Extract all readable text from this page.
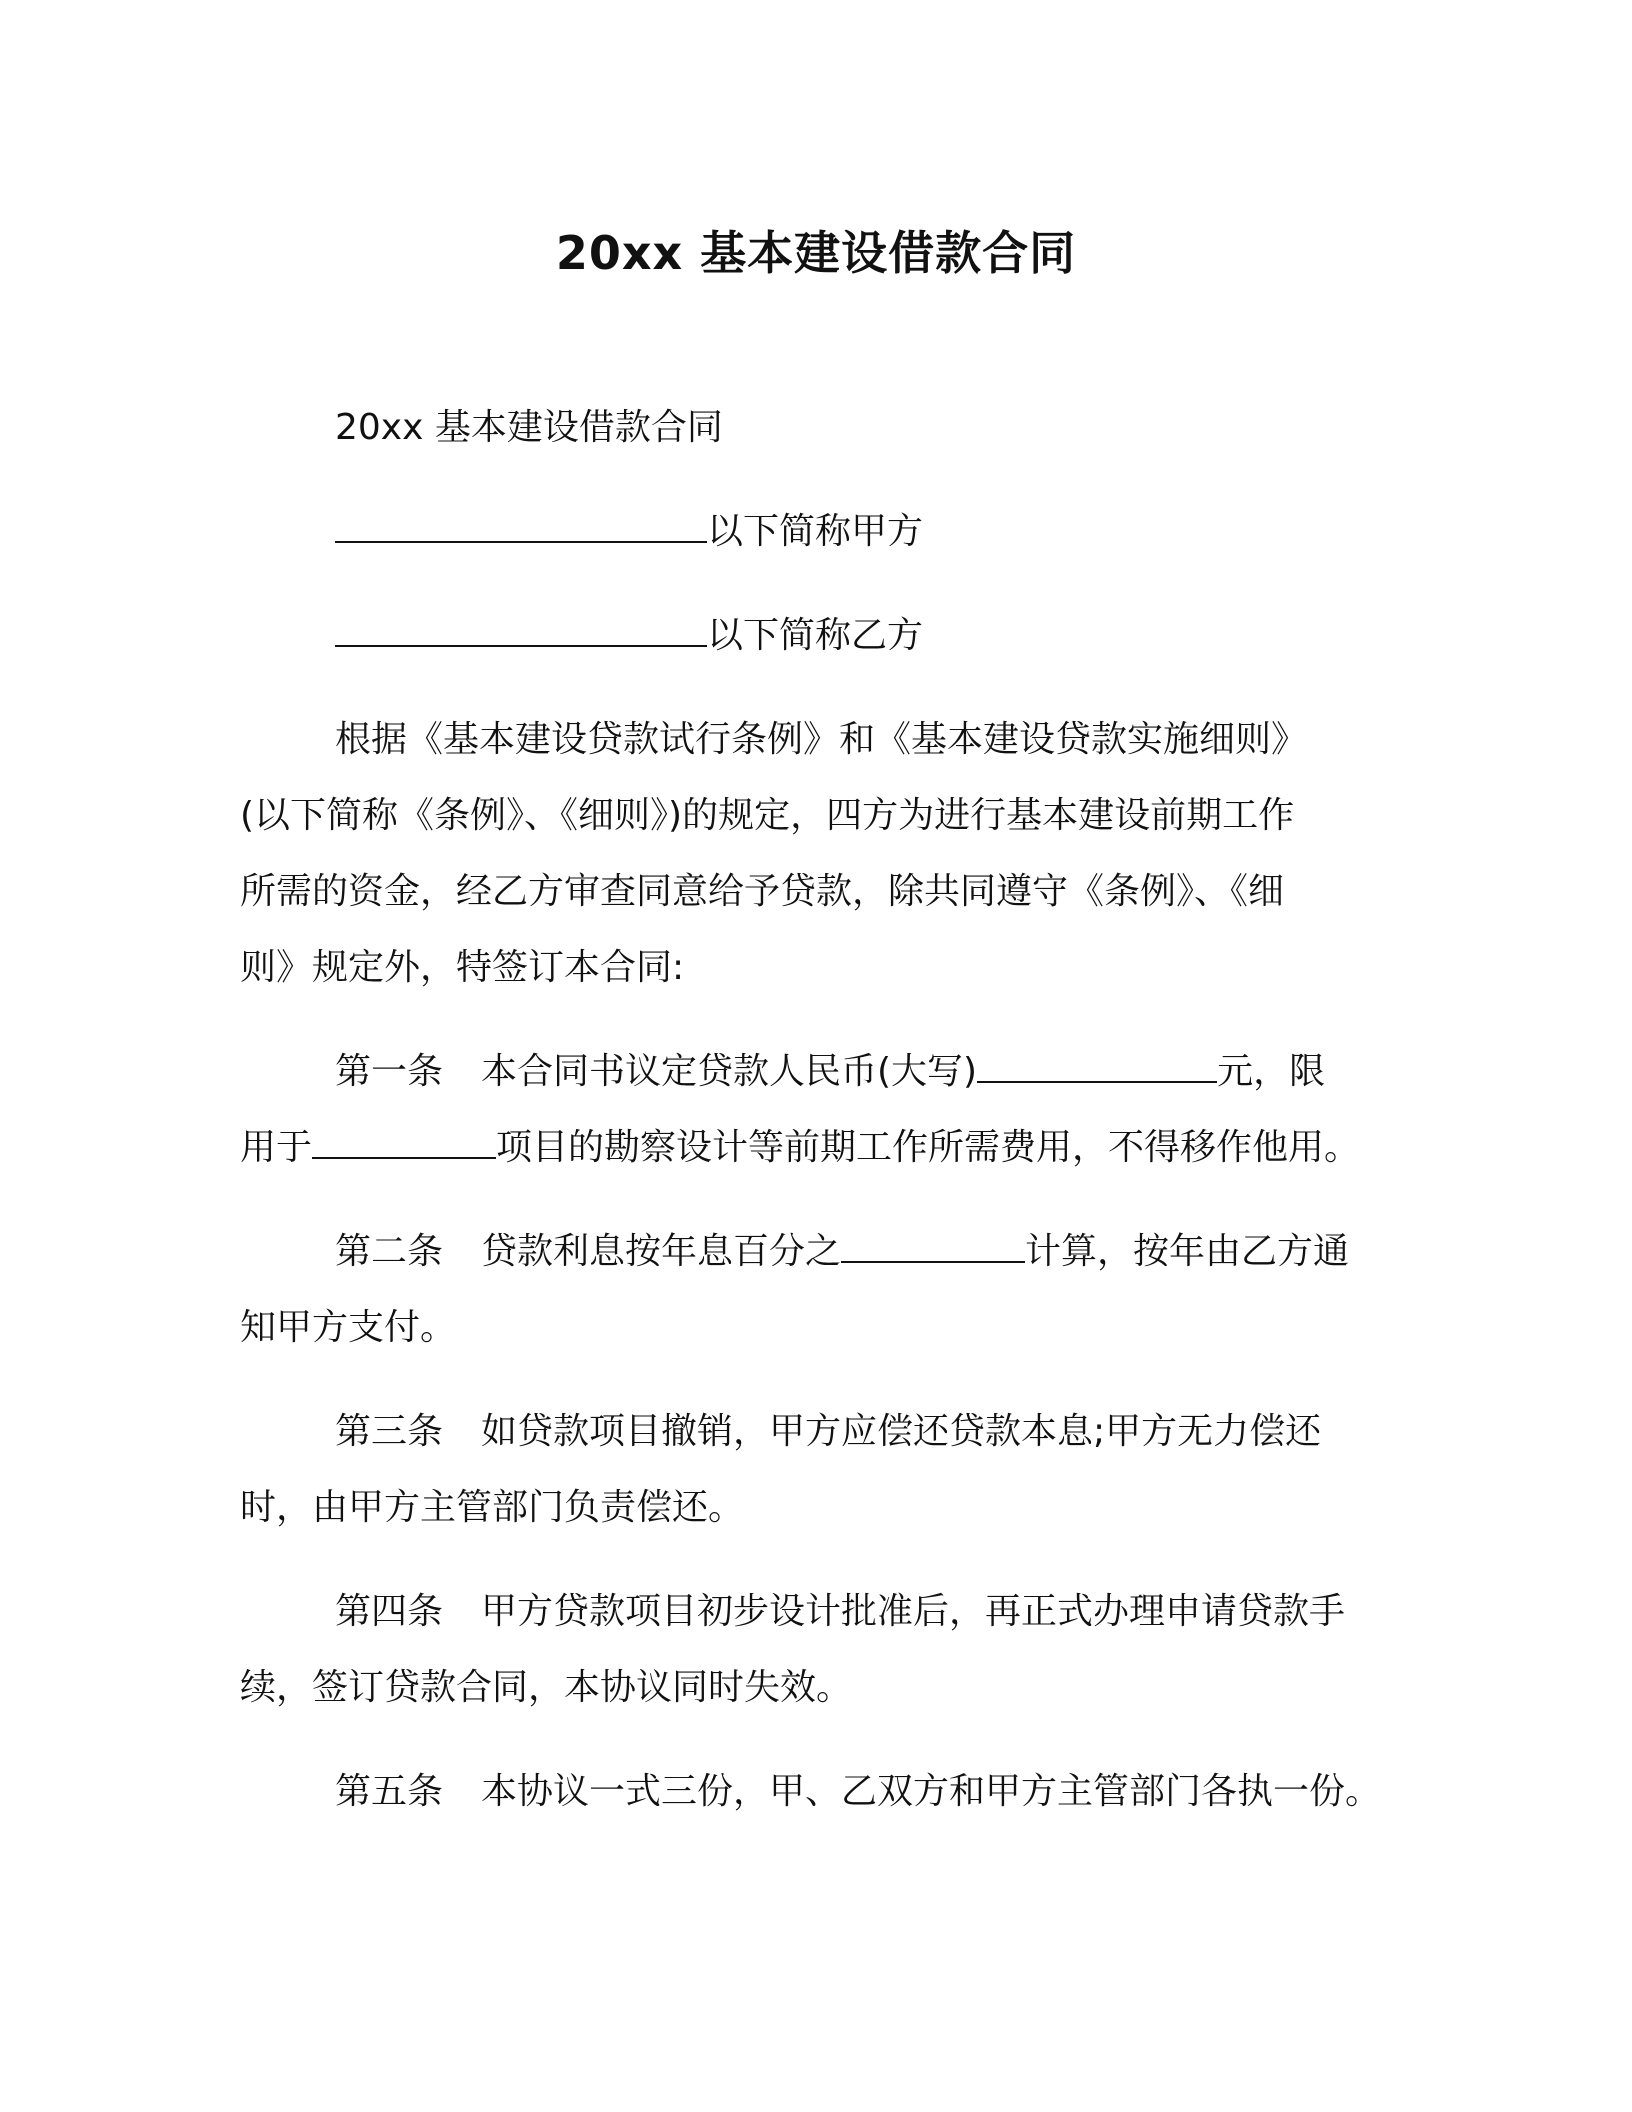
20xx 基本建设借款合同

20xx 基本建设借款合同

以下简称甲方

以下简称乙方

根据《基本建设贷款试行条例》和《基本建设贷款实施细则》

(以下简称《条例》、《细则》)的规定，四方为进行基本建设前期工作

所需的资金，经乙方审查同意给予贷款，除共同遵守《条例》、《细

则》规定外，特签订本合同:

第一条 本合同书议定贷款人民币(大写)	元，限

用于	项目的勘察设计等前期工作所需费用，不得移作他用。

第二条 贷款利息按年息百分之	计算，按年由乙方通

知甲方支付。

第三条 如贷款项目撤销，甲方应偿还贷款本息;甲方无力偿还

时，由甲方主管部门负责偿还。

第四条 甲方贷款项目初步设计批准后，再正式办理申请贷款手

续，签订贷款合同，本协议同时失效。

第五条 本协议一式三份，甲、乙双方和甲方主管部门各执一份。
